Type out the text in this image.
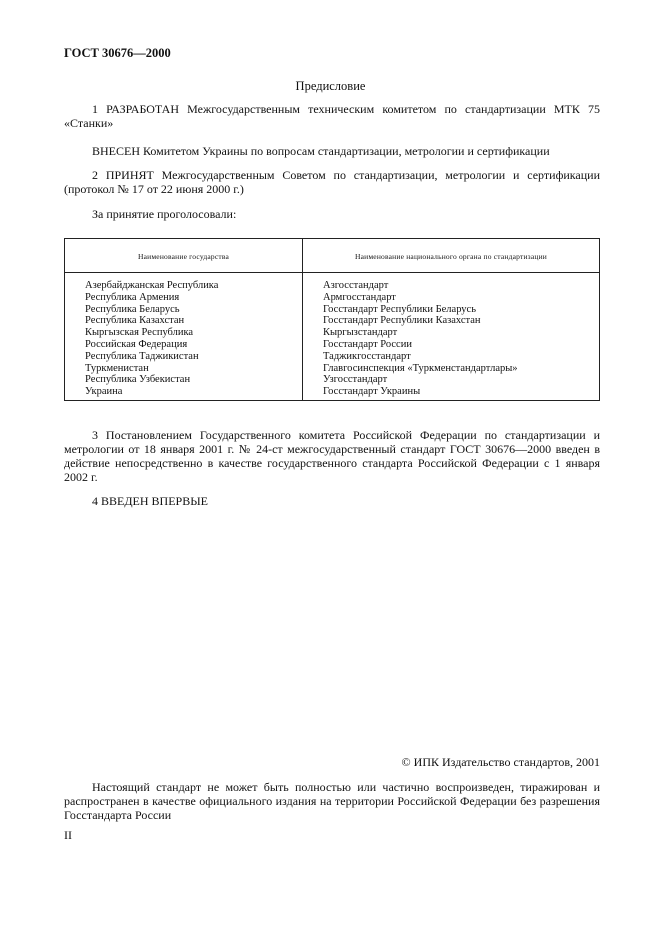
ГОСТ 30676—2000
Предисловие
1 РАЗРАБОТАН Межгосударственным техническим комитетом по стандартизации МТК 75 «Станки»
ВНЕСЕН Комитетом Украины по вопросам стандартизации, метрологии и сертификации
2 ПРИНЯТ Межгосударственным Советом по стандартизации, метрологии и сертификации (протокол № 17 от 22 июня 2000 г.)
За принятие проголосовали:
Наименование государства	Наименование национального органа по стандартизации
Азербайджанская Республика
Республика Армения
Республика Беларусь
Республика Казахстан
Кыргызская Республика
Российская Федерация
Республика Таджикистан
Туркменистан
Республика Узбекистан
Украина
Азгосстандарт
Армгосстандарт
Госстандарт Республики Беларусь
Госстандарт Республики Казахстан
Кыргызстандарт
Госстандарт России
Таджикгосстандарт
Главгосинспекция «Туркменстандартлары»
Узгосстандарт
Госстандарт Украины
3 Постановлением Государственного комитета Российской Федерации по стандартизации и метрологии от 18 января 2001 г. № 24-ст межгосударственный стандарт ГОСТ 30676—2000 введен в действие непосредственно в качестве государственного стандарта Российской Федерации с 1 января 2002 г.
4 ВВЕДЕН ВПЕРВЫЕ
© ИПК Издательство стандартов, 2001
Настоящий стандарт не может быть полностью или частично воспроизведен, тиражирован и распространен в качестве официального издания на территории Российской Федерации без разрешения Госстандарта России
II
